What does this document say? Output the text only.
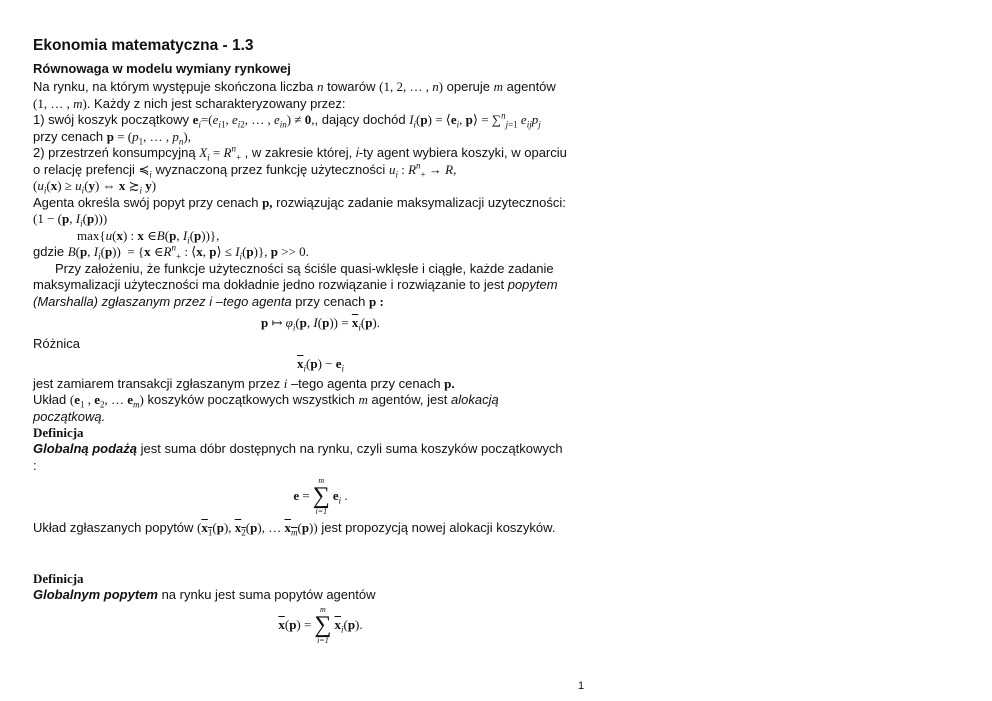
Ekonomia matematyczna - 1.3
Równowaga w modelu wymiany rynkowej

Na rynku, na którym występuje skończona liczba n towarów (1, 2, … , n) operuje m agentów
(1, … , m). Każdy z nich jest scharakteryzowany przez:

1) swój koszyk początkowy $e_i=(e_{i1}$, $e_{i2}$, … , $e_{in}) \ne 0$,, dający dochód $I_i(p)$ = $⟨e_i$, p⟩ = ∑$^n_{j=1}$ $e_{ij}p_j$
przy cenach $p = (p_1$, … , $p_n$),

2) przestrzeń konsumpcyjną $X_i = R^n_+$ , w zakresie której, i-ty agent wybiera koszyki, w oparciu
o relację prefencji $≼_i$ wyznaczoną przez funkcję użyteczności $u_i$ : $R^n_+ \to R$,
($u_i(x) \ge u_i(y)$ ⇔ x $≿_i$ y)

Agenta określa swój popyt przy cenach p, rozwiązując zadanie maksymalizacji uzyteczności:
(1 − (p, $I_i(p)$))
max{u(x) : x ∈B(p, $I_i(p)$)},
gdzie B(p, $I_i(p)) = \{x$ $\in R^n_+$ : ⟨x, p⟩ ≤ $I_i(p)$}, p >> 0.

Przy założeniu, że funkcje użyteczności są ściśle quasi-wklęsłe i ciągłe, każde zadanie

maksymalizacji użyteczności ma dokładnie jedno rozwiązanie i rozwiązanie to jest popytem
(Marshalla) zgłaszanym przez i –tego agenta przy cenach p :

p ↦ $\varphi_i(p$, $I(p)) = \overline{x}_i(p)$.

Różnica

$\overline{x}_i(p) - e_i$

jest zamiarem transakcji zgłaszanym przez i –tego agenta przy cenach p.
Układ ($e_1$ , $e_2$, … $e_m$) koszyków początkowych wszystkich m agentów, jest alokacją
początkową.

Definicja

Globalną podażą jest suma dóbr dostępnych na rynku, czyli suma koszyków początkowych
:

e =
m
∑
i=1
$e_i$ .

Układ zgłaszanych popytów ($x_1(p)$, $x_2(p)$, … $x_m(p)$) jest propozycją nowej alokacji koszyków.

Definicja

Globalnym popytem na rynku jest suma popytów agentów

$\overline{x}(p)$ =
m
∑
i=1
$\overline{x}_i(p)$.
1
